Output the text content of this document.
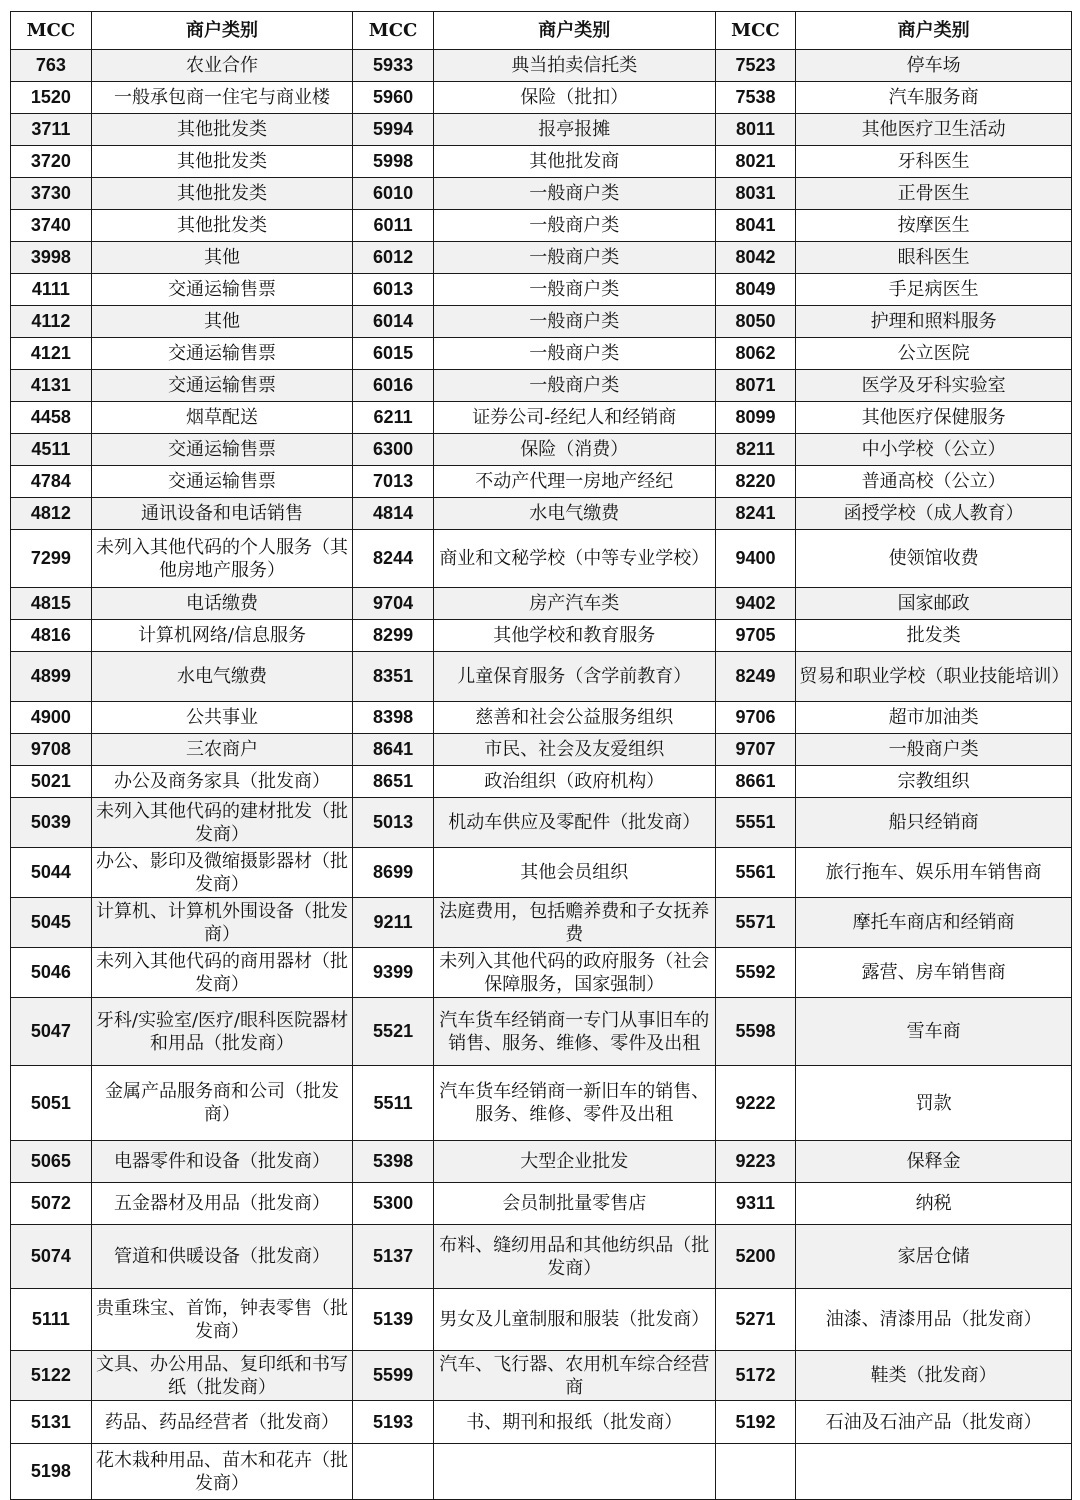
MCC	商户类别	MCC	商户类别	MCC	商户类别
763	农业合作	5933	典当拍卖信托类	7523	停车场
1520	一般承包商一住宅与商业楼	5960	保险（批扣）	7538	汽车服务商
3711	其他批发类	5994	报亭报摊	8011	其他医疗卫生活动
3720	其他批发类	5998	其他批发商	8021	牙科医生
3730	其他批发类	6010	一般商户类	8031	正骨医生
3740	其他批发类	6011	一般商户类	8041	按摩医生
3998	其他	6012	一般商户类	8042	眼科医生
4111	交通运输售票	6013	一般商户类	8049	手足病医生
4112	其他	6014	一般商户类	8050	护理和照料服务
4121	交通运输售票	6015	一般商户类	8062	公立医院
4131	交通运输售票	6016	一般商户类	8071	医学及牙科实验室
4458	烟草配送	6211	证券公司-经纪人和经销商	8099	其他医疗保健服务
4511	交通运输售票	6300	保险（消费）	8211	中小学校（公立）
4784	交通运输售票	7013	不动产代理一房地产经纪	8220	普通高校（公立）
4812	通讯设备和电话销售	4814	水电气缴费	8241	函授学校（成人教育）
7299	未列入其他代码的个人服务（其他房地产服务）	8244	商业和文秘学校（中等专业学校）	9400	使领馆收费
4815	电话缴费	9704	房产汽车类	9402	国家邮政
4816	计算机网络/信息服务	8299	其他学校和教育服务	9705	批发类
4899	水电气缴费	8351	儿童保育服务（含学前教育）	8249	贸易和职业学校（职业技能培训）
4900	公共事业	8398	慈善和社会公益服务组织	9706	超市加油类
9708	三农商户	8641	市民、社会及友爱组织	9707	一般商户类
5021	办公及商务家具（批发商）	8651	政治组织（政府机构）	8661	宗教组织
5039	未列入其他代码的建材批发（批发商）	5013	机动车供应及零配件（批发商）	5551	船只经销商
5044	办公、影印及微缩摄影器材（批发商）	8699	其他会员组织	5561	旅行拖车、娱乐用车销售商
5045	计算机、计算机外围设备（批发商）	9211	法庭费用，包括赡养费和子女抚养费	5571	摩托车商店和经销商
5046	未列入其他代码的商用器材（批发商）	9399	未列入其他代码的政府服务（社会保障服务，国家强制）	5592	露营、房车销售商
5047	牙科/实验室/医疗/眼科医院器材和用品（批发商）	5521	汽车货车经销商一专门从事旧车的销售、服务、维修、零件及出租	5598	雪车商
5051	金属产品服务商和公司（批发商）	5511	汽车货车经销商一新旧车的销售、服务、维修、零件及出租	9222	罚款
5065	电器零件和设备（批发商）	5398	大型企业批发	9223	保释金
5072	五金器材及用品（批发商）	5300	会员制批量零售店	9311	纳税
5074	管道和供暖设备（批发商）	5137	布料、缝纫用品和其他纺织品（批发商）	5200	家居仓储
5111	贵重珠宝、首饰，钟表零售（批发商）	5139	男女及儿童制服和服装（批发商）	5271	油漆、清漆用品（批发商）
5122	文具、办公用品、复印纸和书写纸（批发商）	5599	汽车、飞行器、农用机车综合经营商	5172	鞋类（批发商）
5131	药品、药品经营者（批发商）	5193	书、期刊和报纸（批发商）	5192	石油及石油产品（批发商）
5198	花木栽种用品、苗木和花卉（批发商）				
